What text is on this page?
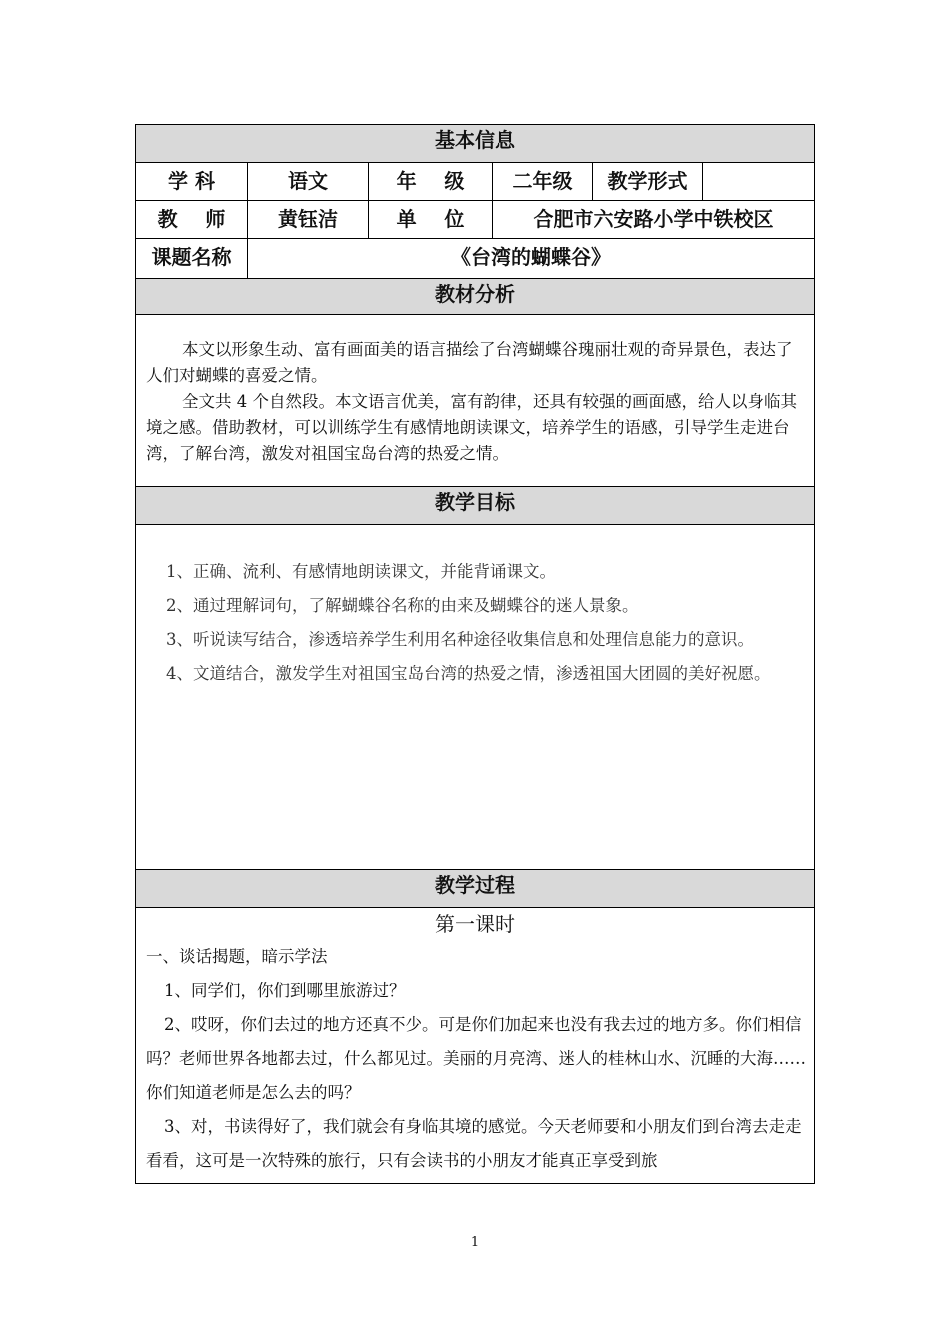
基本信息
学 科	语文	年    级	二年级	教学形式
教    师	黄钰洁	单    位	合肥市六安路小学中铁校区
课题名称	《台湾的蝴蝶谷》
教材分析

本文以形象生动、富有画面美的语言描绘了台湾蝴蝶谷瑰丽壮观的奇异景色，表达了人们对蝴蝶的喜爱之情。

全文共 4 个自然段。本文语言优美，富有韵律，还具有较强的画面感，给人以身临其境之感。借助教材，可以训练学生有感情地朗读课文，培养学生的语感，引导学生走进台湾，了解台湾，激发对祖国宝岛台湾的热爱之情。

教学目标

1、正确、流利、有感情地朗读课文，并能背诵课文。

2、通过理解词句，了解蝴蝶谷名称的由来及蝴蝶谷的迷人景象。

3、听说读写结合，渗透培养学生利用名种途径收集信息和处理信息能力的意识。

4、文道结合，激发学生对祖国宝岛台湾的热爱之情，渗透祖国大团圆的美好祝愿。

教学过程
第一课时

一、谈话揭题，暗示学法

1、同学们，你们到哪里旅游过？

2、哎呀，你们去过的地方还真不少。可是你们加起来也没有我去过的地方多。你们相信吗？老师世界各地都去过，什么都见过。美丽的月亮湾、迷人的桂林山水、沉睡的大海……你们知道老师是怎么去的吗？

3、对，书读得好了，我们就会有身临其境的感觉。今天老师要和小朋友们到台湾去走走看看，这可是一次特殊的旅行，只有会读书的小朋友才能真正享受到旅

1
